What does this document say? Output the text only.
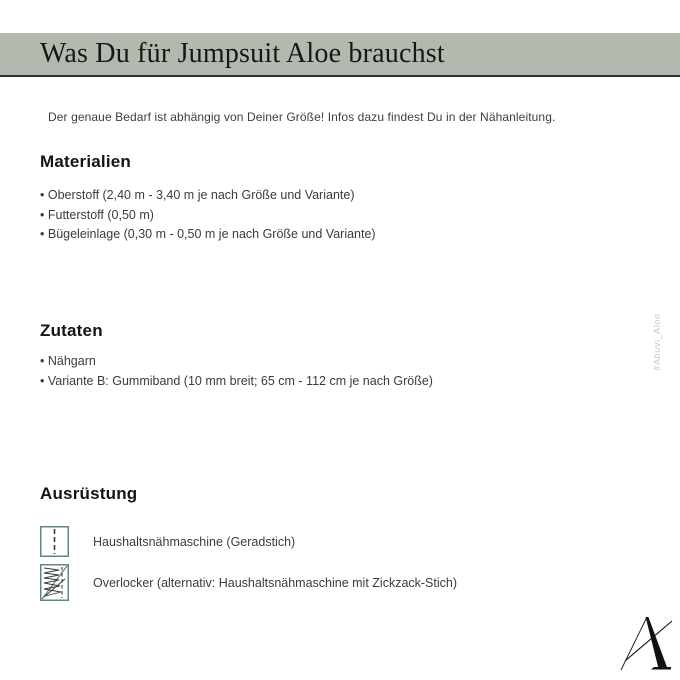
Was Du für Jumpsuit Aloe brauchst
Der genaue Bedarf ist abhängig von Deiner Größe! Infos dazu findest Du in der Nähanleitung.
Materialien
• Oberstoff (2,40 m - 3,40 m je nach Größe und Variante)
• Futterstoff (0,50 m)
• Bügeleinlage (0,30 m - 0,50 m je nach Größe und Variante)
Zutaten
• Nähgarn
• Variante B: Gummiband (10 mm breit; 65 cm - 112 cm je nach Größe)
Ausrüstung
Haushaltsnähmaschine (Geradstich)
Overlocker (alternativ: Haushaltsnähmaschine mit Zickzack-Stich)
#Abuvi_Aloe
